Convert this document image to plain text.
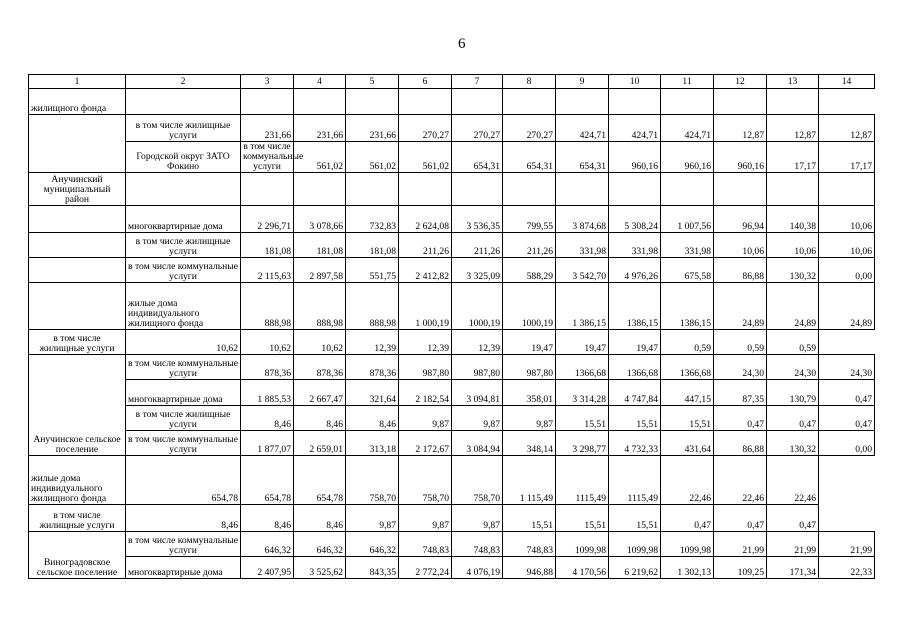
6
1	2	3	4	5	6	7	8	9	10	11	12	13	14	
жилищного фонда														
	в том числе жилищные услуги	231,66	231,66	231,66	270,27	270,27	270,27	424,71	424,71	424,71	12,87	12,87	12,87	
	Городской округ ЗАТО Фокино	в том числе коммунальные услуги	561,02	561,02	561,02	654,31	654,31	654,31	960,16	960,16	960,16	17,17	17,17	
Анучинский муниципальный район														
	многоквартирные дома	2 296,71	3 078,66	732,83	2 624,08	3 536,35	799,55	3 874,68	5 308,24	1 007,56	96,94	140,38	10,06	
	в том числе жилищные услуги	181,08	181,08	181,08	211,26	211,26	211,26	331,98	331,98	331,98	10,06	10,06	10,06	
	в том числе коммунальные услуги	2 115,63	2 897,58	551,75	2 412,82	3 325,09	588,29	3 542,70	4 976,26	675,58	86,88	130,32	0,00	
	жилые дома индивидуального жилищного фонда	888,98	888,98	888,98	1 000,19	1000,19	1000,19	1 386,15	1386,15	1386,15	24,89	24,89	24,89	
в том числе жилищные услуги	10,62	10,62	10,62	12,39	12,39	12,39	19,47	19,47	19,47	0,59	0,59	0,59		
Анучинское сельское поселение	в том числе коммунальные услуги	878,36	878,36	878,36	987,80	987,80	987,80	1366,68	1366,68	1366,68	24,30	24,30	24,30	
	многоквартирные дома	1 885,53	2 667,47	321,64	2 182,54	3 094,81	358,01	3 314,28	4 747,84	447,15	87,35	130,79	0,47	
	в том числе жилищные услуги	8,46	8,46	8,46	9,87	9,87	9,87	15,51	15,51	15,51	0,47	0,47	0,47	
	в том числе коммунальные услуги	1 877,07	2 659,01	313,18	2 172,67	3 084,94	348,14	3 298,77	4 732,33	431,64	86,88	130,32	0,00	
жилые дома индивидуального жилищного фонда	654,78	654,78	654,78	758,70	758,70	758,70	1 115,49	1115,49	1115,49	22,46	22,46	22,46		
в том числе жилищные услуги	8,46	8,46	8,46	9,87	9,87	9,87	15,51	15,51	15,51	0,47	0,47	0,47		
Виноградовское сельское поселение	в том числе коммунальные услуги	646,32	646,32	646,32	748,83	748,83	748,83	1099,98	1099,98	1099,98	21,99	21,99	21,99	
	многоквартирные дома	2 407,95	3 525,62	843,35	2 772,24	4 076,19	946,88	4 170,56	6 219,62	1 302,13	109,25	171,34	22,33	
